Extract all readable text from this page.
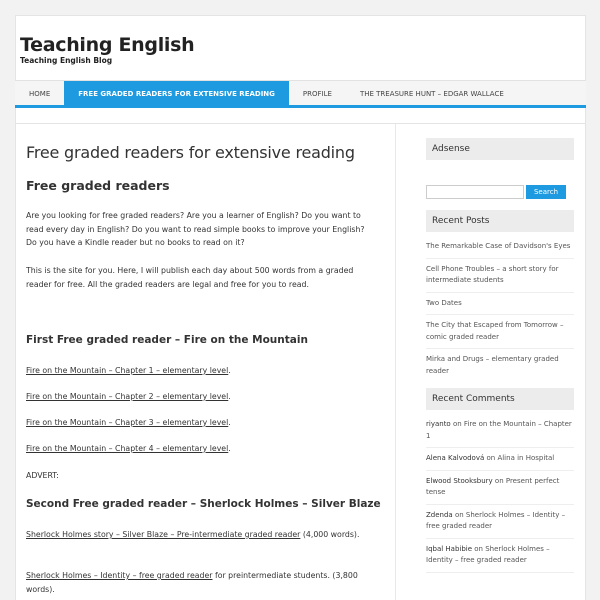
Teaching English
Teaching English Blog
HOME	FREE GRADED READERS FOR EXTENSIVE READING	PROFILE	THE TREASURE HUNT – EDGAR WALLACE
Free graded readers for extensive reading
Free graded readers

Are you looking for free graded readers? Are you a learner of English? Do you want to read every day in English? Do you want to read simple books to improve your English? Do you have a Kindle reader but no books to read on it?

This is the site for you. Here, I will publish each day about 500 words from a graded reader for free. All the graded readers are legal and free for you to read.

First Free graded reader – Fire on the Mountain

Fire on the Mountain – Chapter 1 – elementary level.

Fire on the Mountain – Chapter 2 – elementary level.

Fire on the Mountain – Chapter 3 – elementary level.

Fire on the Mountain – Chapter 4 – elementary level.

ADVERT:

Second Free graded reader – Sherlock Holmes – Silver Blaze

Sherlock Holmes story – Silver Blaze – Pre-intermediate graded reader (4,000 words).

Sherlock Holmes – Identity – free graded reader for preintermediate students. (3,800 words).

Adsense
Search
Recent Posts
The Remarkable Case of Davidson's Eyes
Cell Phone Troubles – a short story for intermediate students
Two Dates
The City that Escaped from Tomorrow – comic graded reader
Mirka and Drugs – elementary graded reader
Recent Comments
riyanto on Fire on the Mountain – Chapter 1
Alena Kalvodová on Alina in Hospital
Elwood Stooksbury on Present perfect tense
Zdenda on Sherlock Holmes – Identity – free graded reader
Iqbal Habibie on Sherlock Holmes – Identity – free graded reader
